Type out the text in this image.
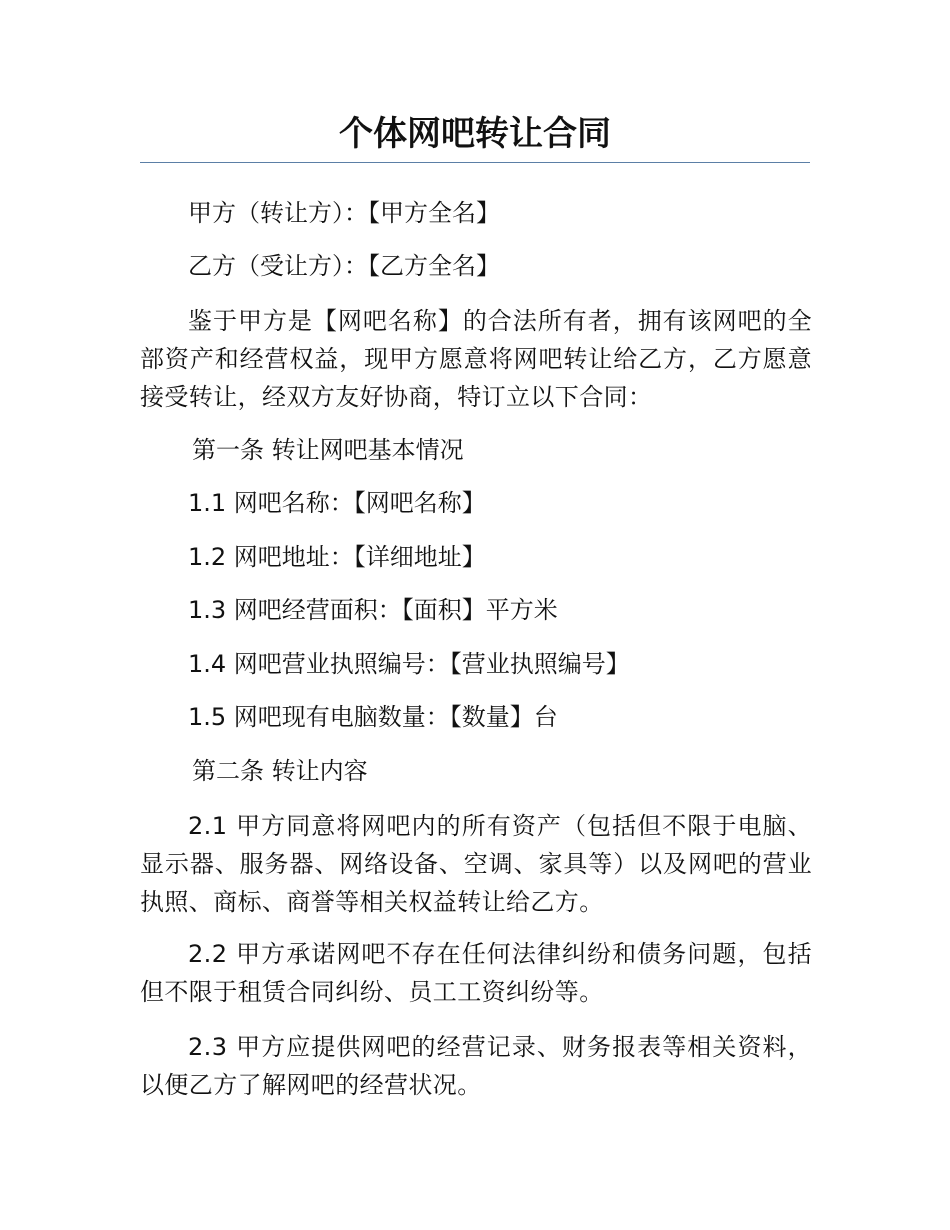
个体网吧转让合同

甲方（转让方）：【甲方全名】

乙方（受让方）：【乙方全名】

鉴于甲方是【网吧名称】的合法所有者，拥有该网吧的全部资产和经营权益，现甲方愿意将网吧转让给乙方，乙方愿意接受转让，经双方友好协商，特订立以下合同：

第一条 转让网吧基本情况

1.1 网吧名称：【网吧名称】

1.2 网吧地址：【详细地址】

1.3 网吧经营面积：【面积】平方米

1.4 网吧营业执照编号：【营业执照编号】

1.5 网吧现有电脑数量：【数量】台

第二条 转让内容

2.1 甲方同意将网吧内的所有资产（包括但不限于电脑、显示器、服务器、网络设备、空调、家具等）以及网吧的营业执照、商标、商誉等相关权益转让给乙方。

2.2 甲方承诺网吧不存在任何法律纠纷和债务问题，包括但不限于租赁合同纠纷、员工工资纠纷等。

2.3 甲方应提供网吧的经营记录、财务报表等相关资料，以便乙方了解网吧的经营状况。
